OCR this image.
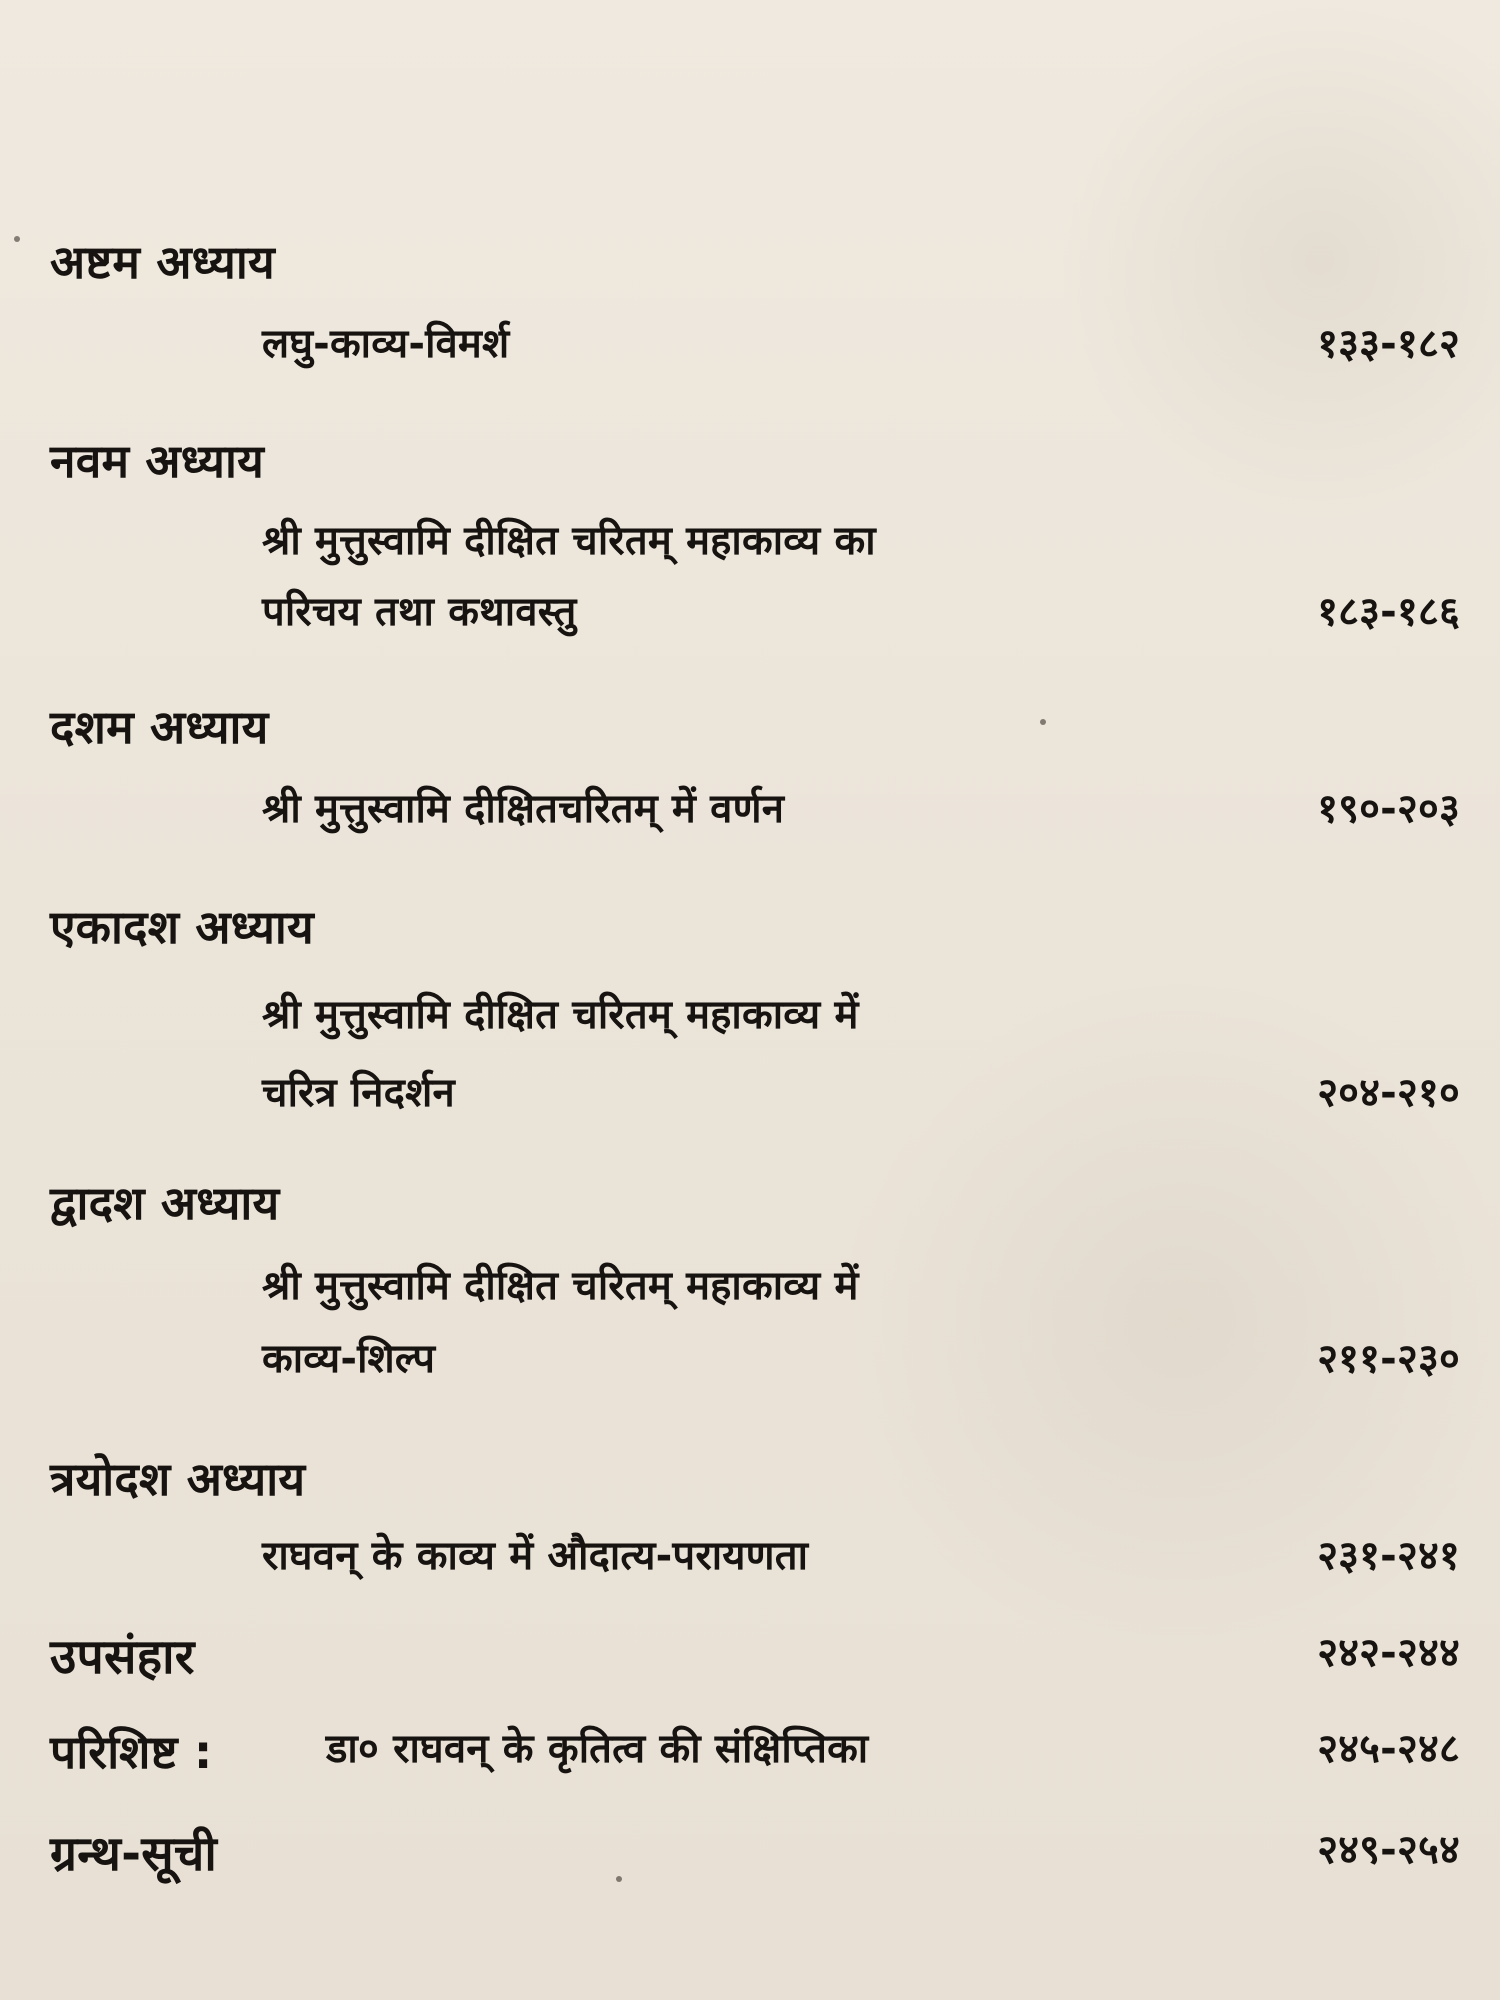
अष्टम अध्याय
लघु-काव्य-विमर्श	१३३-१८२
नवम अध्याय
श्री मुत्तुस्वामि दीक्षित चरितम् महाकाव्य का
परिचय तथा कथावस्तु	१८३-१८६
दशम अध्याय
श्री मुत्तुस्वामि दीक्षितचरितम् में वर्णन	१९०-२०३
एकादश अध्याय
श्री मुत्तुस्वामि दीक्षित चरितम् महाकाव्य में
चरित्र निदर्शन	२०४-२१०
द्वादश अध्याय
श्री मुत्तुस्वामि दीक्षित चरितम् महाकाव्य में
काव्य-शिल्प	२११-२३०
त्रयोदश अध्याय
राघवन् के काव्य में औदात्य-परायणता	२३१-२४१
उपसंहार	२४२-२४४
परिशिष्ट :	डा० राघवन् के कृतित्व की संक्षिप्तिका	२४५-२४८
ग्रन्थ-सूची	२४९-२५४
